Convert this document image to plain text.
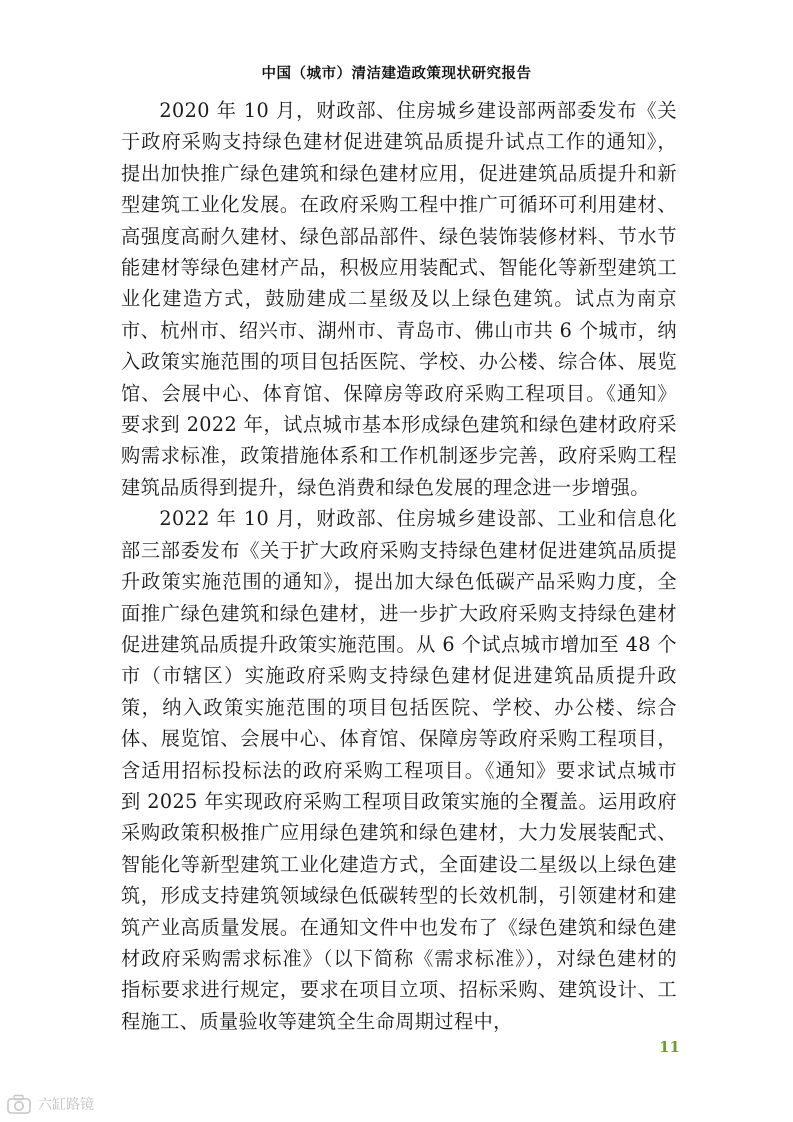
中国（城市）清洁建造政策现状研究报告

2020 年 10 月，财政部、住房城乡建设部两部委发布《关于政府采购支持绿色建材促进建筑品质提升试点工作的通知》，提出加快推广绿色建筑和绿色建材应用，促进建筑品质提升和新型建筑工业化发展。在政府采购工程中推广可循环可利用建材、高强度高耐久建材、绿色部品部件、绿色装饰装修材料、节水节能建材等绿色建材产品，积极应用装配式、智能化等新型建筑工业化建造方式，鼓励建成二星级及以上绿色建筑。试点为南京市、杭州市、绍兴市、湖州市、青岛市、佛山市共 6 个城市，纳入政策实施范围的项目包括医院、学校、办公楼、综合体、展览馆、会展中心、体育馆、保障房等政府采购工程项目。《通知》要求到 2022 年，试点城市基本形成绿色建筑和绿色建材政府采购需求标准，政策措施体系和工作机制逐步完善，政府采购工程建筑品质得到提升，绿色消费和绿色发展的理念进一步增强。

2022 年 10 月，财政部、住房城乡建设部、工业和信息化部三部委发布《关于扩大政府采购支持绿色建材促进建筑品质提升政策实施范围的通知》，提出加大绿色低碳产品采购力度，全面推广绿色建筑和绿色建材，进一步扩大政府采购支持绿色建材促进建筑品质提升政策实施范围。从 6 个试点城市增加至 48 个市（市辖区）实施政府采购支持绿色建材促进建筑品质提升政策，纳入政策实施范围的项目包括医院、学校、办公楼、综合体、展览馆、会展中心、体育馆、保障房等政府采购工程项目，含适用招标投标法的政府采购工程项目。《通知》要求试点城市到 2025 年实现政府采购工程项目政策实施的全覆盖。运用政府采购政策积极推广应用绿色建筑和绿色建材，大力发展装配式、智能化等新型建筑工业化建造方式，全面建设二星级以上绿色建筑，形成支持建筑领域绿色低碳转型的长效机制，引领建材和建筑产业高质量发展。在通知文件中也发布了《绿色建筑和绿色建材政府采购需求标准》（以下简称《需求标准》），对绿色建材的指标要求进行规定，要求在项目立项、招标采购、建筑设计、工程施工、质量验收等建筑全生命周期过程中，

11
六缸路镜
